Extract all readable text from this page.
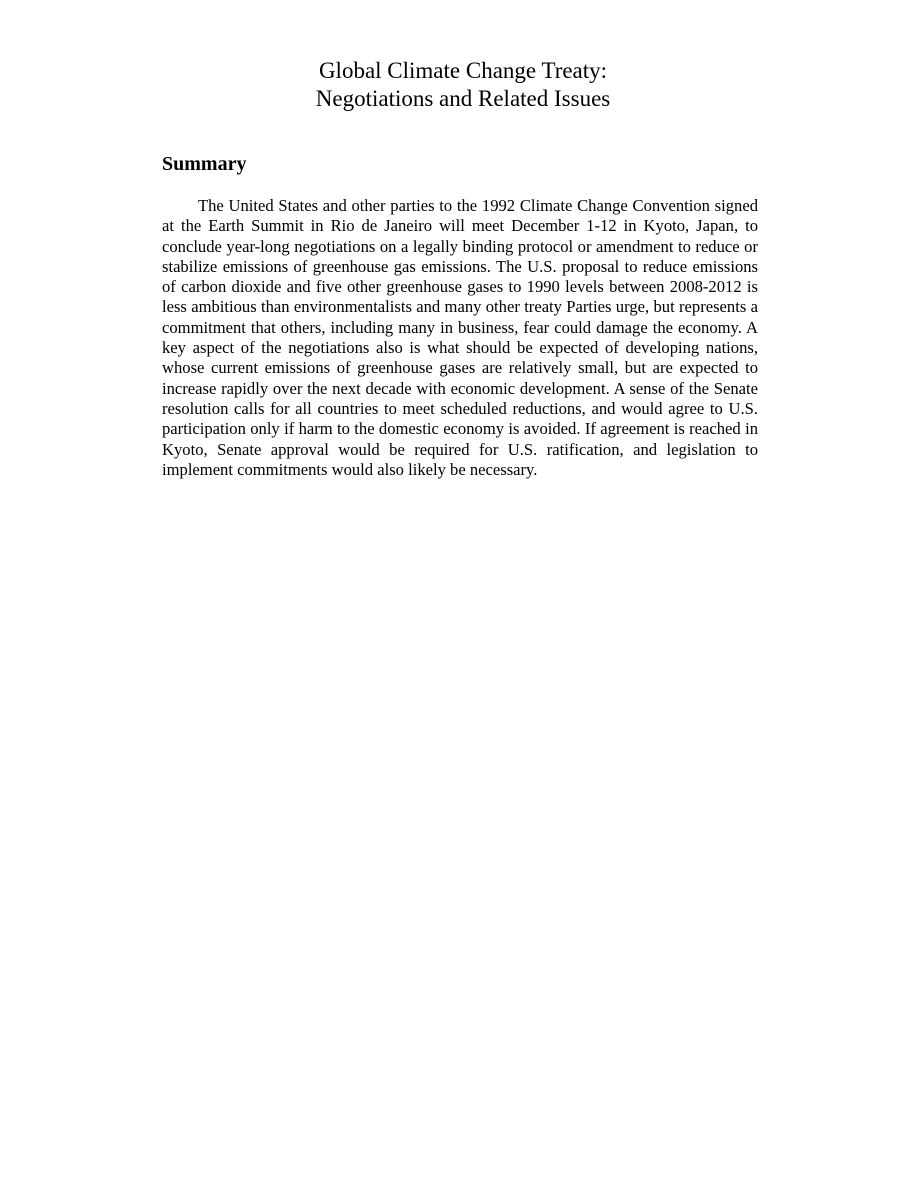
Global Climate Change Treaty:
Negotiations and Related Issues
Summary

The United States and other parties to the 1992 Climate Change Convention signed at the Earth Summit in Rio de Janeiro will meet December 1-12 in Kyoto, Japan, to conclude year-long negotiations on a legally binding protocol or amendment to reduce or stabilize emissions of greenhouse gas emissions. The U.S. proposal to reduce emissions of carbon dioxide and five other greenhouse gases to 1990 levels between 2008-2012 is less ambitious than environmentalists and many other treaty Parties urge, but represents a commitment that others, including many in business, fear could damage the economy. A key aspect of the negotiations also is what should be expected of developing nations, whose current emissions of greenhouse gases are relatively small, but are expected to increase rapidly over the next decade with economic development. A sense of the Senate resolution calls for all countries to meet scheduled reductions, and would agree to U.S. participation only if harm to the domestic economy is avoided. If agreement is reached in Kyoto, Senate approval would be required for U.S. ratification, and legislation to implement commitments would also likely be necessary.
